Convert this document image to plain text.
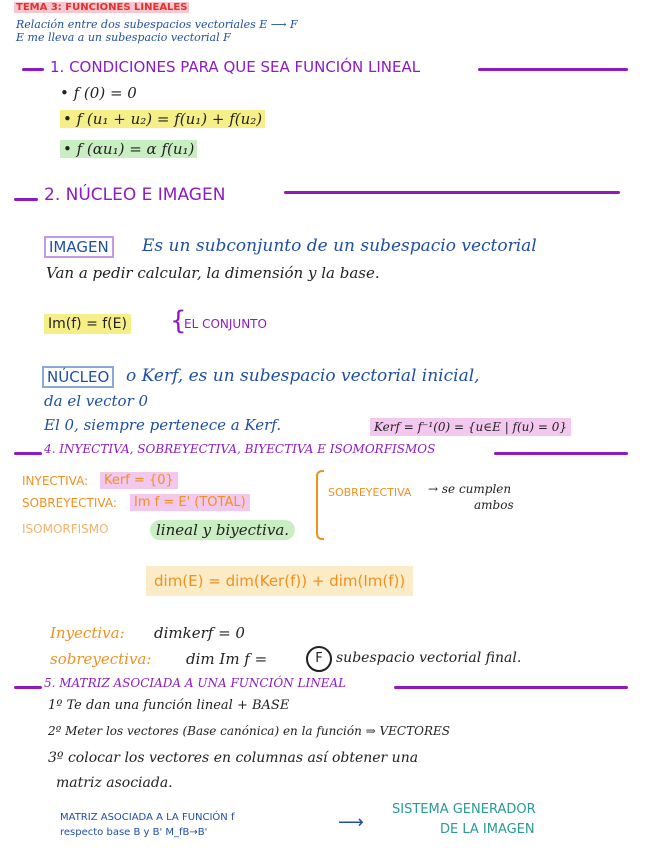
TEMA 3: FUNCIONES LINEALES
Relación entre dos subespacios vectoriales E ⟶ F
E me lleva a un subespacio vectorial F
1. CONDICIONES PARA QUE SEA FUNCIÓN LINEAL
• f (0) = 0
• f (u₁ + u₂) = f(u₁) + f(u₂)
• f (αu₁) = α f(u₁)
2. NÚCLEO E IMAGEN
IMAGEN Es un subconjunto de un subespacio vectorial
Van a pedir calcular, la dimensión y la base.
Im(f) = f(E) {
EL CONJUNTO
NÚCLEO o Kerf, es un subespacio vectorial inicial,
da el vector 0
El 0, siempre pertenece a Kerf.	Kerf = f⁻¹(0) = {u∈E | f(u) = 0}
4. INYECTIVA, SOBREYECTIVA, BIYECTIVA E ISOMORFISMOS
INYECTIVA:	Kerf = {0}
SOBREYECTIVA:	Im f = E' (TOTAL)
ISOMORFISMO	lineal y biyectiva.
SOBREYECTIVA → se cumplen
ambos
dim(E) = dim(Ker(f)) + dim(Im(f))
Inyectiva: dimkerf = 0
sobreyectiva: dim Im f =	F subespacio vectorial final.
5. MATRIZ ASOCIADA A UNA FUNCIÓN LINEAL
1º Te dan una función lineal + BASE
2º Meter los vectores (Base canónica) en la función ⇒ VECTORES
3º colocar los vectores en columnas así obtener una
matriz asociada.
MATRIZ ASOCIADA A LA FUNCIÓN f
respecto base B y B' M_fB→B'	⟶
SISTEMA GENERADOR
DE LA IMAGEN
